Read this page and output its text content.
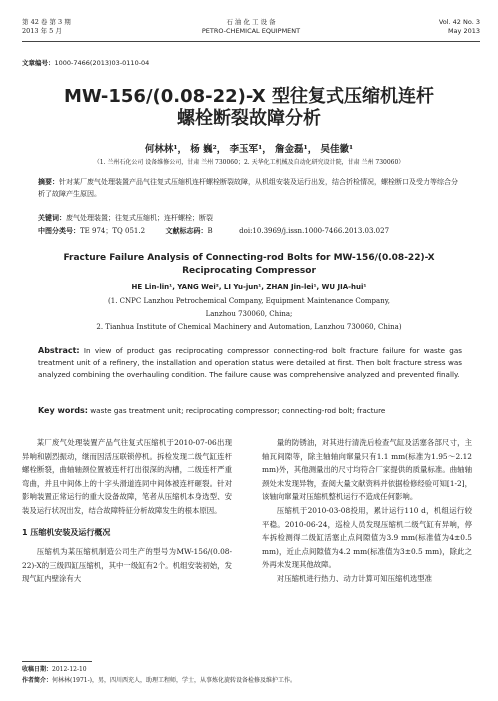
第 42 卷 第 3 期
2013 年 5 月
石 油 化 工 设 备
PETRO-CHEMICAL EQUIPMENT
Vol. 42 No. 3
May 2013
文章编号：1000-7466(2013)03-0110-04
MW-156/(0.08-22)-X 型往复式压缩机连杆
螺栓断裂故障分析
何林林¹， 杨 巍²， 李玉军¹， 詹金磊¹， 吴佳徽¹
（1. 兰州石化公司 设备维修公司，甘肃 兰州 730060；2. 天华化工机械及自动化研究设计院，甘肃 兰州 730060）
摘要：针对某厂废气处理装置产品气往复式压缩机连杆螺栓断裂故障，从机组安装及运行出发，结合折检情况，螺栓断口及受力等综合分析了故障产生原因。
关键词：废气处理装置；往复式压缩机；连杆螺栓；断裂
中图分类号：TE 974；TQ 051.2	文献标志码：B	doi:10.3969/j.issn.1000-7466.2013.03.027
Fracture Failure Analysis of Connecting-rod Bolts for MW-156/(0.08-22)-X
Reciprocating Compressor
HE Lin-lin¹, YANG Wei², LI Yu-jun¹, ZHAN Jin-lei¹, WU JIA-hui¹
(1. CNPC Lanzhou Petrochemical Company, Equipment Maintenance Company,
Lanzhou 730060, China;
2. Tianhua Institute of Chemical Machinery and Automation, Lanzhou 730060, China)
Abstract: In view of product gas reciprocating compressor connecting-rod bolt fracture failure for waste gas treatment unit of a refinery, the installation and operation status were detailed at first. Then bolt fracture stress was analyzed combining the overhauling condition. The failure cause was comprehensive analyzed and prevented finally.
Key words: waste gas treatment unit; reciprocating compressor; connecting-rod bolt; fracture

某厂废气处理装置产品气往复式压缩机于2010-07-06出现异响和剧烈振动，继而因活压联锁停机。拆检发现二级气缸连杆螺栓断裂，曲轴轴颈位置被连杆打出很深的沟槽，二级连杆严重弯曲，并且中间体上的十字头滑道连同中间体被连杆砸裂。针对影响装置正常运行的重大设备故障，笔者从压缩机本身选型、安装及运行状况出发，结合故障特征分析故障发生的根本原因。

1 压缩机安装及运行概况

压缩机为某压缩机制造公司生产的型号为MW-156/(0.08-22)-X的三级四缸压缩机，其中一级缸有2个。机组安装初始，发现气缸内壁涂有大

量的防锈油，对其进行清洗后检查气缸及活塞各部尺寸，主轴瓦间隙等，除主轴轴向窜量只有1.1 mm(标准为1.95～2.12 mm)外，其他测量出的尺寸均符合厂家提供的质量标准。曲轴轴颈处未发现异物，查阅大量文献资料并依据检修经验可知[1-2]，该轴向窜量对压缩机整机运行不造成任何影响。

压缩机于2010-03-08投用，累计运行110 d，机组运行较平稳。2010-06-24，巡检人员发现压缩机二级气缸有异响，停车拆检测得二级缸活塞止点间隙值为3.9 mm(标准值为4±0.5 mm)，近止点间隙值为4.2 mm(标准值为3±0.5 mm)，除此之外再未发现其他故障。

对压缩机进行热力、动力计算可知压缩机选型准

收稿日期：2012-12-10
作者简介：何林林(1971-)，男，四川西充人，助理工程师，学士，从事炼化旋转设备检修及维护工作。
